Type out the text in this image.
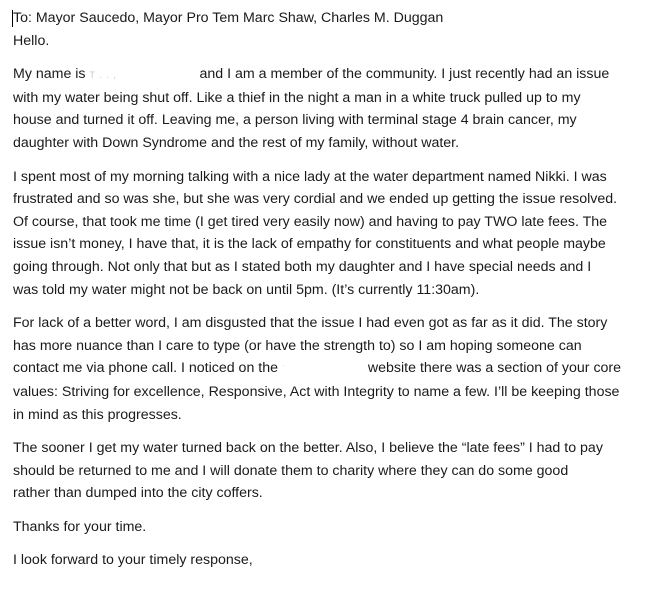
To: Mayor Saucedo, Mayor Pro Tem Marc Shaw, Charles M. Duggan
Hello.
My name is T . . ,	and I am a member of the community. I just recently had an issue
with my water being shut off. Like a thief in the night a man in a white truck pulled up to my
house and turned it off. Leaving me, a person living with terminal stage 4 brain cancer, my
daughter with Down Syndrome and the rest of my family, without water.
I spent most of my morning talking with a nice lady at the water department named Nikki. I was
frustrated and so was she, but she was very cordial and we ended up getting the issue resolved.
Of course, that took me time (I get tired very easily now) and having to pay TWO late fees. The
issue isn’t money, I have that, it is the lack of empathy for constituents and what people maybe
going through. Not only that but as I stated both my daughter and I have special needs and I
was told my water might not be back on until 5pm. (It’s currently 11:30am).
For lack of a better word, I am disgusted that the issue I had even got as far as it did. The story
has more nuance than I care to type (or have the strength to) so I am hoping someone can
contact me via phone call. I noticed on the ˙	website there was a section of your core
values: Striving for excellence, Responsive, Act with Integrity to name a few. I’ll be keeping those
in mind as this progresses.
The sooner I get my water turned back on the better. Also, I believe the “late fees” I had to pay
should be returned to me and I will donate them to charity where they can do some good
rather than dumped into the city coffers.
Thanks for your time.
I look forward to your timely response,
